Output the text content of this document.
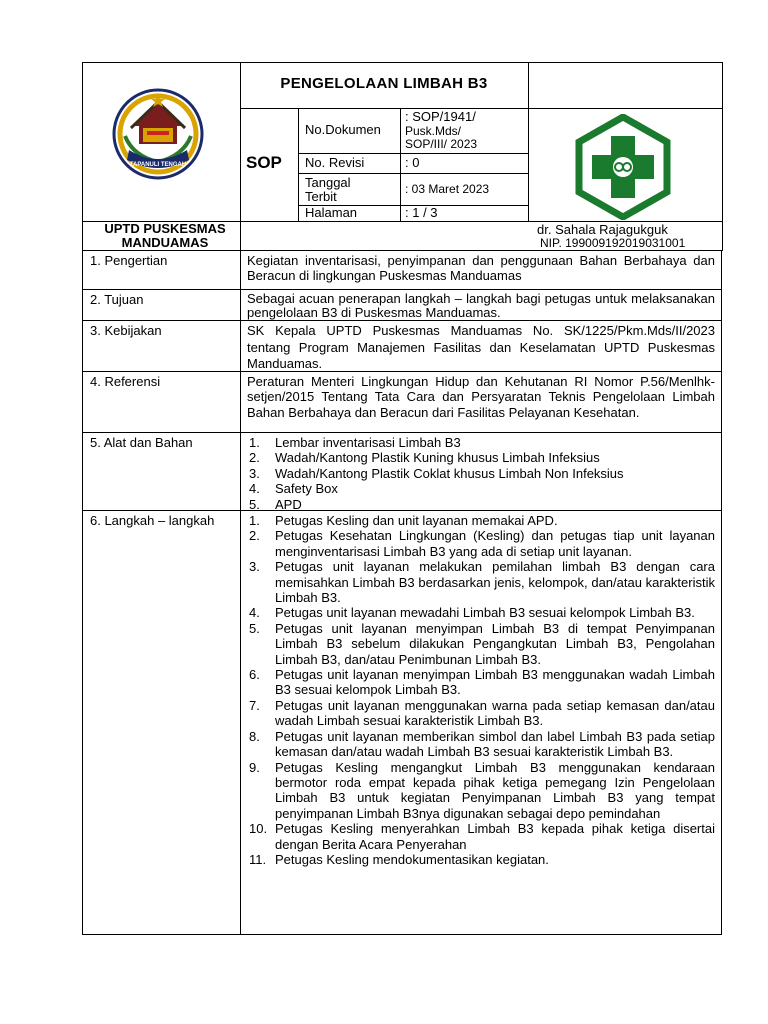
TAPANULI TENGAH
UPTD PUSKESMAS
MANDUAMAS
PENGELOLAAN LIMBAH B3
SOP
No.Dokumen
: SOP/1941/
Pusk.Mds/
SOP/III/ 2023
No. Revisi	: 0
Tanggal
Terbit	: 03 Maret 2023
Halaman	: 1 / 3
dr. Sahala Rajagukguk
NIP. 199009192019031001
1. Pengertian	Kegiatan inventarisasi, penyimpanan dan penggunaan Bahan Berbahaya dan Beracun di lingkungan Puskesmas Manduamas
2. Tujuan	Sebagai acuan penerapan langkah – langkah bagi petugas untuk melaksanakan pengelolaan B3 di Puskesmas Manduamas.
3. Kebijakan	SK Kepala UPTD Puskesmas Manduamas No. SK/1225/Pkm.Mds/II/2023 tentang Program Manajemen Fasilitas dan Keselamatan UPTD Puskesmas Manduamas.
4. Referensi	Peraturan Menteri Lingkungan Hidup dan Kehutanan RI Nomor P.56/Menlhk-setjen/2015 Tentang Tata Cara dan Persyaratan Teknis Pengelolaan Limbah Bahan Berbahaya dan Beracun dari Fasilitas Pelayanan Kesehatan.
5. Alat dan Bahan	1. Lembar inventarisasi Limbah B3
2. Wadah/Kantong Plastik Kuning khusus Limbah Infeksius
3. Wadah/Kantong Plastik Coklat khusus Limbah Non Infeksius
4. Safety Box
5. APD
6. Langkah – langkah	1. Petugas Kesling dan unit layanan memakai APD.
2. Petugas Kesehatan Lingkungan (Kesling) dan petugas tiap unit layanan menginventarisasi Limbah B3 yang ada di setiap unit layanan.
3. Petugas unit layanan melakukan pemilahan limbah B3 dengan cara memisahkan Limbah B3 berdasarkan jenis, kelompok, dan/atau karakteristik Limbah B3.
4. Petugas unit layanan mewadahi Limbah B3 sesuai kelompok Limbah B3.
5. Petugas unit layanan menyimpan Limbah B3 di tempat Penyimpanan Limbah B3 sebelum dilakukan Pengangkutan Limbah B3, Pengolahan Limbah B3, dan/atau Penimbunan Limbah B3.
6. Petugas unit layanan menyimpan Limbah B3 menggunakan wadah Limbah B3 sesuai kelompok Limbah B3.
7. Petugas unit layanan menggunakan warna pada setiap kemasan dan/atau wadah Limbah sesuai karakteristik Limbah B3.
8. Petugas unit layanan memberikan simbol dan label Limbah B3 pada setiap kemasan dan/atau wadah Limbah B3 sesuai karakteristik Limbah B3.
9. Petugas Kesling mengangkut Limbah B3 menggunakan kendaraan bermotor roda empat kepada pihak ketiga pemegang Izin Pengelolaan Limbah B3 untuk kegiatan Penyimpanan Limbah B3 yang tempat penyimpanan Limbah B3nya digunakan sebagai depo pemindahan
10. Petugas Kesling menyerahkan Limbah B3 kepada pihak ketiga disertai dengan Berita Acara Penyerahan
11. Petugas Kesling mendokumentasikan kegiatan.
